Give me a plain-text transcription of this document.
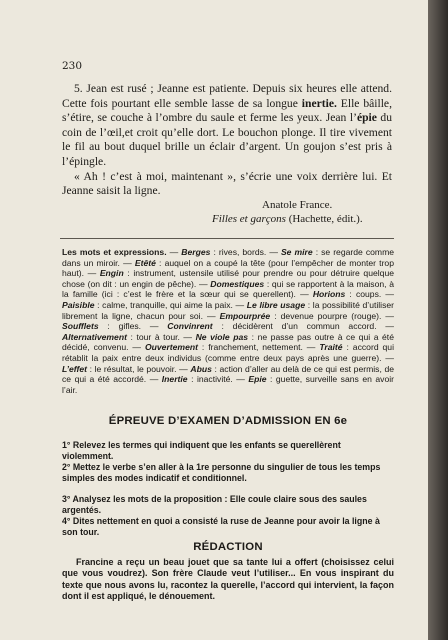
230

5. Jean est rusé ; Jeanne est patiente. Depuis six heures elle attend. Cette fois pourtant elle semble lasse de sa longue inertie. Elle bâille, s’étire, se couche à l’ombre du saule et ferme les yeux. Jean l’épie du coin de l’œil,et croit qu’elle dort. Le bouchon plonge. Il tire vivement le fil au bout duquel brille un éclair d’argent. Un goujon s’est pris à l’épingle.

« Ah ! c’est à moi, maintenant », s’écrie une voix derrière lui. Et Jeanne saisit la ligne.

Anatole France.
Filles et garçons (Hachette, édit.).
Les mots et expressions. — Berges : rives, bords. — Se mire : se regarde comme dans un miroir. — Etêté : auquel on a coupé la tête (pour l’empêcher de monter trop haut). — Engin : instrument, ustensile utilisé pour prendre ou pour détruire quelque chose (on dit : un engin de pêche). — Domestiques : qui se rapportent à la maison, à la famille (ici : c’est le frère et la sœur qui se querellent). — Horions : coups. — Paisible : calme, tranquille, qui aime la paix. — Le libre usage : la possibilité d’utiliser librement la ligne, chacun pour soi. — Empourprée : devenue pourpre (rouge). — Soufflets : gifles. — Convinrent : décidèrent d’un commun accord. — Alternativement : tour à tour. — Ne viole pas : ne passe pas outre à ce qui a été décidé, convenu. — Ouvertement : franchement, nettement. — Traité : accord qui rétablit la paix entre deux individus (comme entre deux pays après une guerre). — L’effet : le résultat, le pouvoir. — Abus : action d’aller au delà de ce qui est permis, de ce qui a été accordé. — Inertie : inactivité. — Epie : guette, surveille sans en avoir l’air.
ÉPREUVE D’EXAMEN D’ADMISSION EN 6e
1° Relevez les termes qui indiquent que les enfants se querellèrent violemment.
2° Mettez le verbe s’en aller à la 1re personne du singulier de tous les temps simples des modes indicatif et conditionnel.
3° Analysez les mots de la proposition : Elle coule claire sous des saules argentés.
4° Dites nettement en quoi a consisté la ruse de Jeanne pour avoir la ligne à son tour.
RÉDACTION
Francine a reçu un beau jouet que sa tante lui a offert (choisissez celui que vous voudrez). Son frère Claude veut l’utiliser... En vous inspirant du texte que nous avons lu, racontez la querelle, l’accord qui intervient, la façon dont il est appliqué, le dénouement.
